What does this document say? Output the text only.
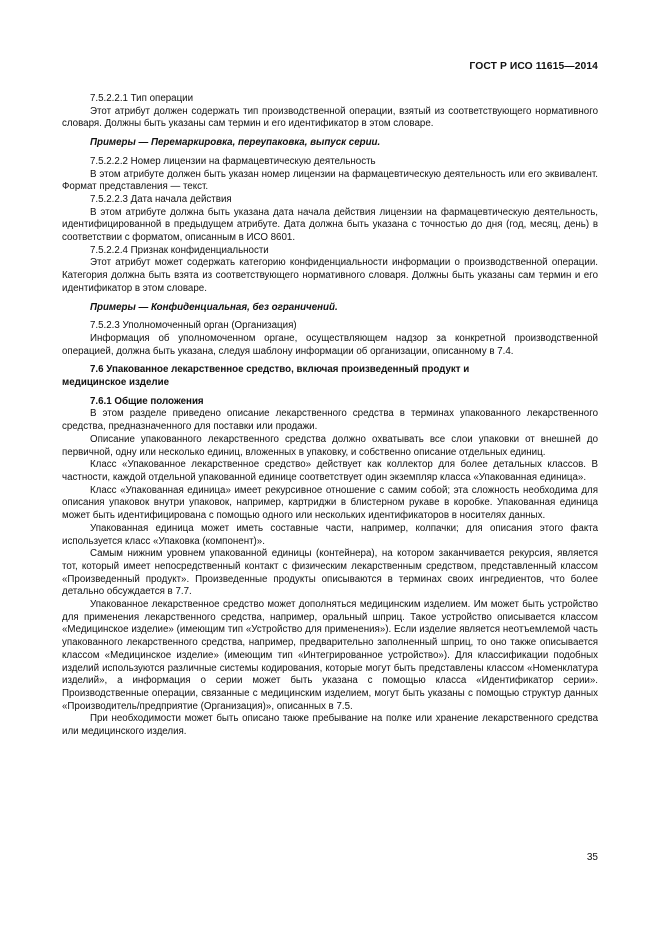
ГОСТ Р ИСО 11615—2014

7.5.2.2.1 Тип операции

Этот атрибут должен содержать тип производственной операции, взятый из соответствующего нормативного словаря. Должны быть указаны сам термин и его идентификатор в этом словаре.

Примеры — Перемаркировка, переупаковка, выпуск серии.

7.5.2.2.2 Номер лицензии на фармацевтическую деятельность

В этом атрибуте должен быть указан номер лицензии на фармацевтическую деятельность или его эквивалент. Формат представления — текст.

7.5.2.2.3 Дата начала действия

В этом атрибуте должна быть указана дата начала действия лицензии на фармацевтическую деятельность, идентифицированной в предыдущем атрибуте. Дата должна быть указана с точностью до дня (год, месяц, день) в соответствии с форматом, описанным в ИСО 8601.

7.5.2.2.4 Признак конфиденциальности

Этот атрибут может содержать категорию конфиденциальности информации о производственной операции. Категория должна быть взята из соответствующего нормативного словаря. Должны быть указаны сам термин и его идентификатор в этом словаре.

Примеры — Конфиденциальная, без ограничений.

7.5.2.3 Уполномоченный орган (Организация)

Информация об уполномоченном органе, осуществляющем надзор за конкретной производственной операцией, должна быть указана, следуя шаблону информации об организации, описанному в 7.4.

7.6 Упакованное лекарственное средство, включая произведенный продукт и
медицинское изделие

7.6.1 Общие положения

В этом разделе приведено описание лекарственного средства в терминах упакованного лекарственного средства, предназначенного для поставки или продажи.

Описание упакованного лекарственного средства должно охватывать все слои упаковки от внешней до первичной, одну или несколько единиц, вложенных в упаковку, и собственно описание отдельных единиц.

Класс «Упакованное лекарственное средство» действует как коллектор для более детальных классов. В частности, каждой отдельной упакованной единице соответствует один экземпляр класса «Упакованная единица».

Класс «Упакованная единица» имеет рекурсивное отношение с самим собой; эта сложность необходима для описания упаковок внутри упаковок, например, картриджи в блистерном рукаве в коробке. Упакованная единица может быть идентифицирована с помощью одного или нескольких идентификаторов в носителях данных.

Упакованная единица может иметь составные части, например, колпачки; для описания этого факта используется класс «Упаковка (компонент)».

Самым нижним уровнем упакованной единицы (контейнера), на котором заканчивается рекурсия, является тот, который имеет непосредственный контакт с физическим лекарственным средством, представленный классом «Произведенный продукт». Произведенные продукты описываются в терминах своих ингредиентов, что более детально обсуждается в 7.7.

Упакованное лекарственное средство может дополняться медицинским изделием. Им может быть устройство для применения лекарственного средства, например, оральный шприц. Такое устройство описывается классом «Медицинское изделие» (имеющим тип «Устройство для применения»). Если изделие является неотъемлемой часть упакованного лекарственного средства, например, предварительно заполненный шприц, то оно также описывается классом «Медицинское изделие» (имеющим тип «Интегрированное устройство»). Для классификации подобных изделий используются различные системы кодирования, которые могут быть представлены классом «Номенклатура изделий», а информация о серии может быть указана с помощью класса «Идентификатор серии». Производственные операции, связанные с медицинским изделием, могут быть указаны с помощью структур данных «Производитель/предприятие (Организация)», описанных в 7.5.

При необходимости может быть описано также пребывание на полке или хранение лекарственного средства или медицинского изделия.

35
